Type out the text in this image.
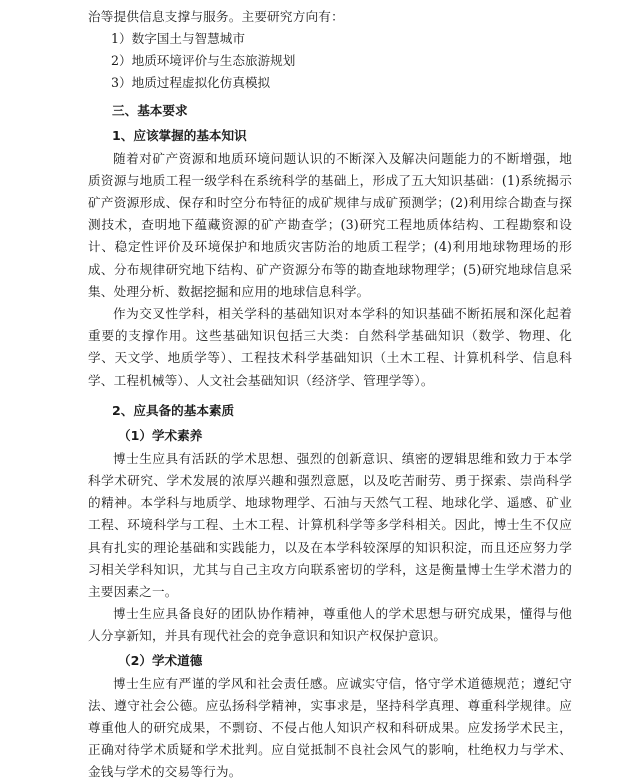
治等提供信息支撑与服务。主要研究方向有：

1）数字国土与智慧城市

2）地质环境评价与生态旅游规划

3）地质过程虚拟化仿真模拟

三、基本要求

1、应该掌握的基本知识

随着对矿产资源和地质环境问题认识的不断深入及解决问题能力的不断增强，地质资源与地质工程一级学科在系统科学的基础上，形成了五大知识基础：(1)系统揭示矿产资源形成、保存和时空分布特征的成矿规律与成矿预测学；(2)利用综合勘查与探测技术，查明地下蕴藏资源的矿产勘查学；(3)研究工程地质体结构、工程勘察和设计、稳定性评价及环境保护和地质灾害防治的地质工程学；(4)利用地球物理场的形成、分布规律研究地下结构、矿产资源分布等的勘查地球物理学；(5)研究地球信息采集、处理分析、数据挖掘和应用的地球信息科学。

作为交叉性学科，相关学科的基础知识对本学科的知识基础不断拓展和深化起着重要的支撑作用。这些基础知识包括三大类：自然科学基础知识（数学、物理、化学、天文学、地质学等）、工程技术科学基础知识（土木工程、计算机科学、信息科学、工程机械等）、人文社会基础知识（经济学、管理学等）。

2、应具备的基本素质

（1）学术素养

博士生应具有活跃的学术思想、强烈的创新意识、缜密的逻辑思维和致力于本学科学术研究、学术发展的浓厚兴趣和强烈意愿，以及吃苦耐劳、勇于探索、崇尚科学的精神。本学科与地质学、地球物理学、石油与天然气工程、地球化学、遥感、矿业工程、环境科学与工程、土木工程、计算机科学等多学科相关。因此，博士生不仅应具有扎实的理论基础和实践能力，以及在本学科较深厚的知识积淀，而且还应努力学习相关学科知识，尤其与自己主攻方向联系密切的学科，这是衡量博士生学术潜力的主要因素之一。

博士生应具备良好的团队协作精神，尊重他人的学术思想与研究成果，懂得与他人分享新知，并具有现代社会的竞争意识和知识产权保护意识。

（2）学术道德

博士生应有严谨的学风和社会责任感。应诚实守信，恪守学术道德规范；遵纪守法、遵守社会公德。应弘扬科学精神，实事求是，坚持科学真理、尊重科学规律。应尊重他人的研究成果，不剽窃、不侵占他人知识产权和科研成果。应发扬学术民主，正确对待学术质疑和学术批判。应自觉抵制不良社会风气的影响，杜绝权力与学术、金钱与学术的交易等行为。
